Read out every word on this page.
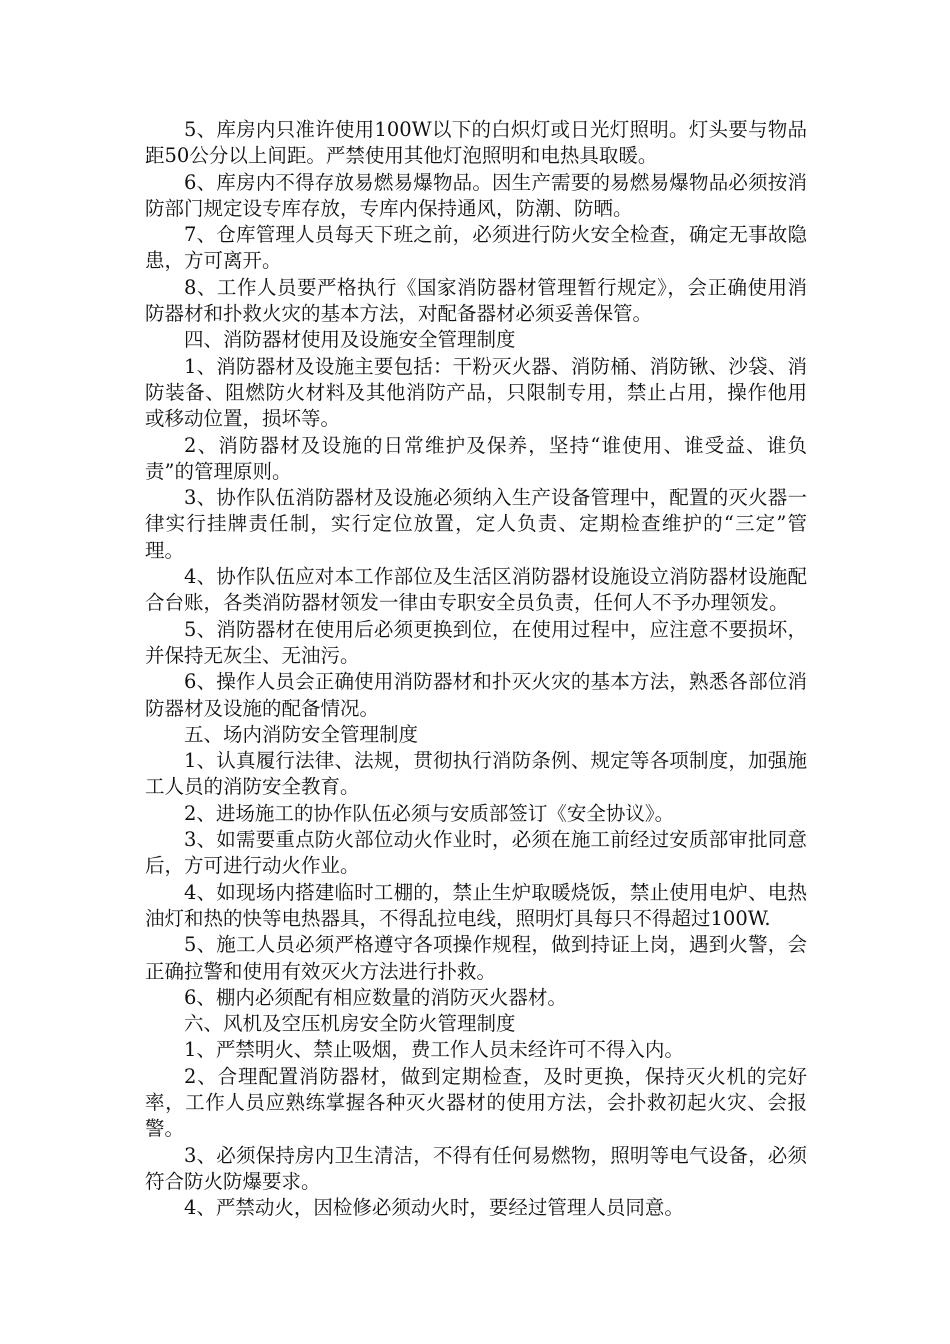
5、库房内只准许使用100W以下的白炽灯或日光灯照明。灯头要与物品距50公分以上间距。严禁使用其他灯泡照明和电热具取暖。

6、库房内不得存放易燃易爆物品。因生产需要的易燃易爆物品必须按消防部门规定设专库存放，专库内保持通风，防潮、防晒。

7、仓库管理人员每天下班之前，必须进行防火安全检查，确定无事故隐患，方可离开。

8、工作人员要严格执行《国家消防器材管理暂行规定》，会正确使用消防器材和扑救火灾的基本方法，对配备器材必须妥善保管。

四、消防器材使用及设施安全管理制度

1、消防器材及设施主要包括：干粉灭火器、消防桶、消防锹、沙袋、消防装备、阻燃防火材料及其他消防产品，只限制专用，禁止占用，操作他用或移动位置，损坏等。

2、消防器材及设施的日常维护及保养，坚持“谁使用、谁受益、谁负责”的管理原则。

3、协作队伍消防器材及设施必须纳入生产设备管理中，配置的灭火器一律实行挂牌责任制，实行定位放置，定人负责、定期检查维护的“三定”管理。

4、协作队伍应对本工作部位及生活区消防器材设施设立消防器材设施配合台账，各类消防器材领发一律由专职安全员负责，任何人不予办理领发。

5、消防器材在使用后必须更换到位，在使用过程中，应注意不要损坏，并保持无灰尘、无油污。

6、操作人员会正确使用消防器材和扑灭火灾的基本方法，熟悉各部位消防器材及设施的配备情况。

五、场内消防安全管理制度

1、认真履行法律、法规，贯彻执行消防条例、规定等各项制度，加强施工人员的消防安全教育。

2、进场施工的协作队伍必须与安质部签订《安全协议》。

3、如需要重点防火部位动火作业时，必须在施工前经过安质部审批同意后，方可进行动火作业。

4、如现场内搭建临时工棚的，禁止生炉取暖烧饭，禁止使用电炉、电热油灯和热的快等电热器具，不得乱拉电线，照明灯具每只不得超过100W.

5、施工人员必须严格遵守各项操作规程，做到持证上岗，遇到火警，会正确拉警和使用有效灭火方法进行扑救。

6、棚内必须配有相应数量的消防灭火器材。

六、风机及空压机房安全防火管理制度

1、严禁明火、禁止吸烟，费工作人员未经许可不得入内。

2、合理配置消防器材，做到定期检查，及时更换，保持灭火机的完好率，工作人员应熟练掌握各种灭火器材的使用方法，会扑救初起火灾、会报警。

3、必须保持房内卫生清洁，不得有任何易燃物，照明等电气设备，必须符合防火防爆要求。

4、严禁动火，因检修必须动火时，要经过管理人员同意。
